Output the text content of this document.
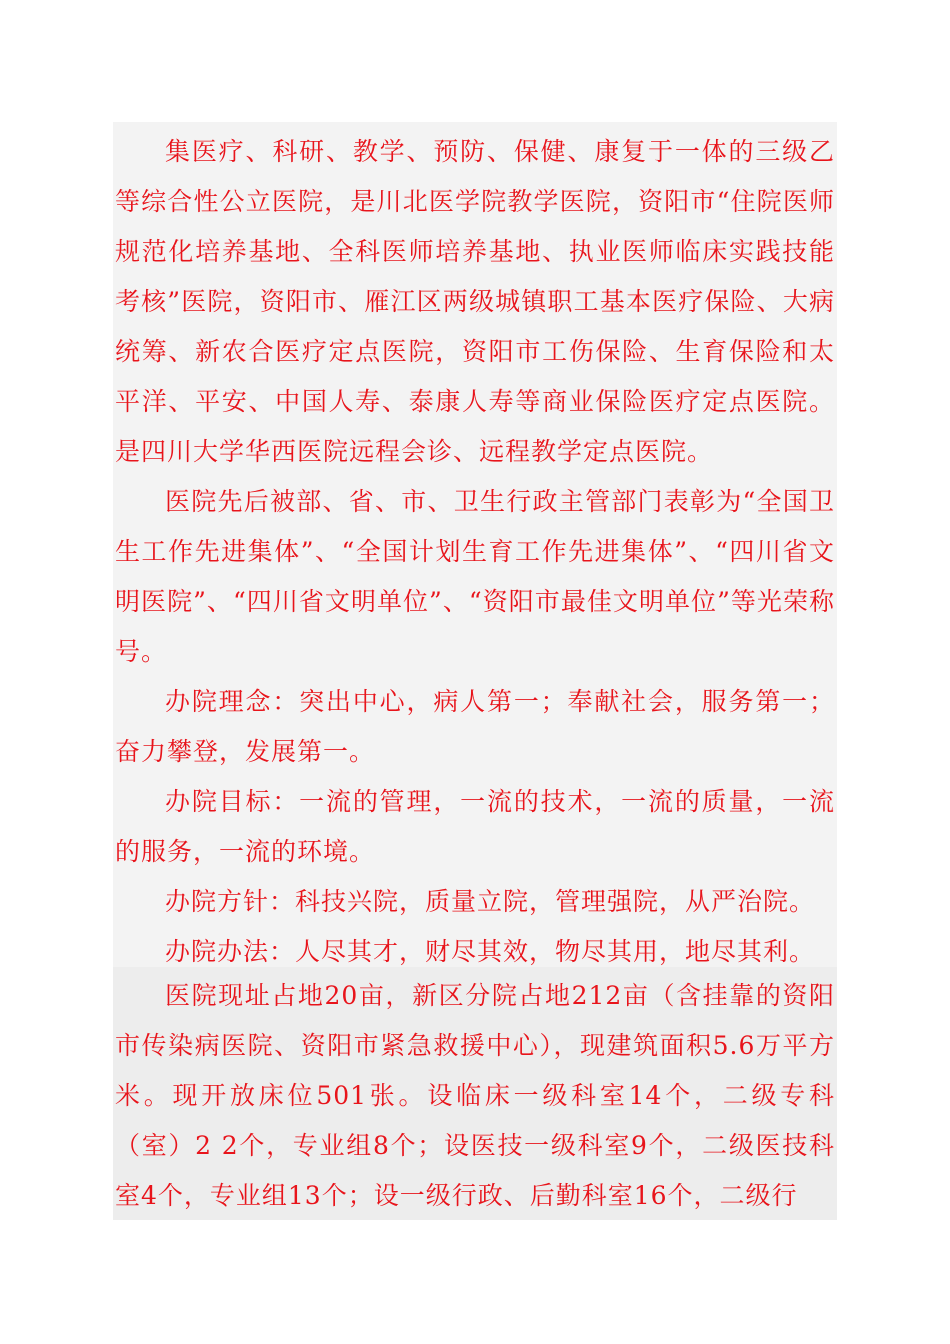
集医疗、科研、教学、预防、保健、康复于一体的三级乙等综合性公立医院，是川北医学院教学医院，资阳市“住院医师规范化培养基地、全科医师培养基地、执业医师临床实践技能考核”医院，资阳市、雁江区两级城镇职工基本医疗保险、大病统筹、新农合医疗定点医院，资阳市工伤保险、生育保险和太平洋、平安、中国人寿、泰康人寿等商业保险医疗定点医院。是四川大学华西医院远程会诊、远程教学定点医院。

医院先后被部、省、市、卫生行政主管部门表彰为“全国卫生工作先进集体”、“全国计划生育工作先进集体”、“四川省文明医院”、“四川省文明单位”、“资阳市最佳文明单位”等光荣称号。

办院理念：突出中心，病人第一；奉献社会，服务第一；奋力攀登，发展第一。

办院目标：一流的管理，一流的技术，一流的质量，一流的服务，一流的环境。

办院方针：科技兴院，质量立院，管理强院，从严治院。

办院办法：人尽其才，财尽其效，物尽其用，地尽其利。

医院现址占地20亩，新区分院占地212亩（含挂靠的资阳市传染病医院、资阳市紧急救援中心），现建筑面积5.6万平方米。现开放床位501张。设临床一级科室14个，二级专科（室）2 2个，专业组8个；设医技一级科室9个，二级医技科室4个，专业组13个；设一级行政、后勤科室16个，二级行
